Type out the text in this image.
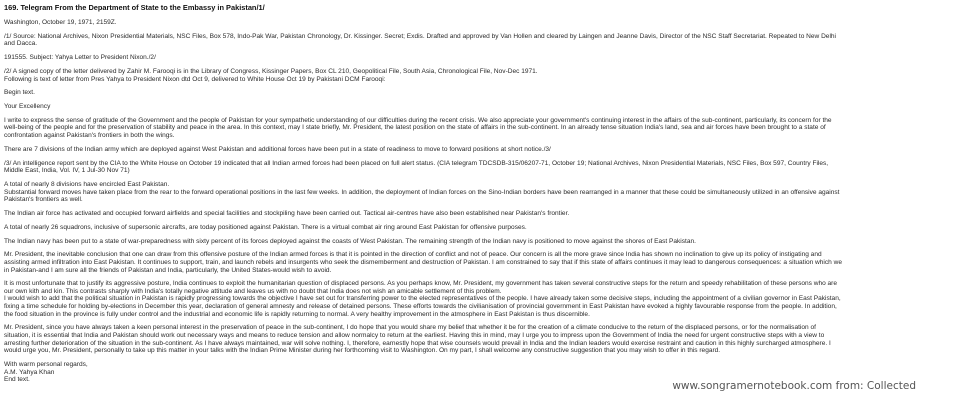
169. Telegram From the Department of State to the Embassy in Pakistan/1/
Washington, October 19, 1971, 2159Z.
/1/ Source: National Archives, Nixon Presidential Materials, NSC Files, Box 578, Indo-Pak War, Pakistan Chronology, Dr. Kissinger. Secret; Exdis. Drafted and approved by Van Hollen and cleared by Laingen and Jeanne Davis, Director of the NSC Staff Secretariat. Repeated to New Delhi
and Dacca.
191555. Subject: Yahya Letter to President Nixon./2/
/2/ A signed copy of the letter delivered by Zahir M. Farooqi is in the Library of Congress, Kissinger Papers, Box CL 210, Geopolitical File, South Asia, Chronological File, Nov-Dec 1971.
Following is text of letter from Pres Yahya to President Nixon dtd Oct 9, delivered to White House Oct 19 by Pakistani DCM Farooqi:
Begin text.
Your Excellency
I write to express the sense of gratitude of the Government and the people of Pakistan for your sympathetic understanding of our difficulties during the recent crisis. We also appreciate your government's continuing interest in the affairs of the sub-continent, particularly, its concern for the
well-being of the people and for the preservation of stability and peace in the area. In this context, may I state briefly, Mr. President, the latest position on the state of affairs in the sub-continent. In an already tense situation India's land, sea and air forces have been brought to a state of
confrontation against Pakistan's frontiers in both the wings.
There are 7 divisions of the Indian army which are deployed against West Pakistan and additional forces have been put in a state of readiness to move to forward positions at short notice./3/
/3/ An intelligence report sent by the CIA to the White House on October 19 indicated that all Indian armed forces had been placed on full alert status. (CIA telegram TDCSDB-315/06207-71, October 19; National Archives, Nixon Presidential Materials, NSC Files, Box 597, Country Files,
Middle East, India, Vol. IV, 1 Jul-30 Nov 71)
A total of nearly 8 divisions have encircled East Pakistan.
Substantial forward moves have taken place from the rear to the forward operational positions in the last few weeks. In addition, the deployment of Indian forces on the Sino-Indian borders have been rearranged in a manner that these could be simultaneously utilized in an offensive against
Pakistan's frontiers as well.
The Indian air force has activated and occupied forward airfields and special facilities and stockpiling have been carried out. Tactical air-centres have also been established near Pakistan's frontier.
A total of nearly 26 squadrons, inclusive of supersonic aircrafts, are today positioned against Pakistan. There is a virtual combat air ring around East Pakistan for offensive purposes.
The Indian navy has been put to a state of war-preparedness with sixty percent of its forces deployed against the coasts of West Pakistan. The remaining strength of the Indian navy is positioned to move against the shores of East Pakistan.
Mr. President, the inevitable conclusion that one can draw from this offensive posture of the Indian armed forces is that it is pointed in the direction of conflict and not of peace. Our concern is all the more grave since India has shown no inclination to give up its policy of instigating and
assisting armed infiltration into East Pakistan. It continues to support, train, and launch rebels and insurgents who seek the dismemberment and destruction of Pakistan. I am constrained to say that if this state of affairs continues it may lead to dangerous consequences: a situation which we
in Pakistan-and I am sure all the friends of Pakistan and India, particularly, the United States-would wish to avoid.
It is most unfortunate that to justify its aggressive posture, India continues to exploit the humanitarian question of displaced persons. As you perhaps know, Mr. President, my government has taken several constructive steps for the return and speedy rehabilitation of these persons who are
our own kith and kin. This contrasts sharply with India's totally negative attitude and leaves us with no doubt that India does not wish an amicable settlement of this problem.
I would wish to add that the political situation in Pakistan is rapidly progressing towards the objective I have set out for transferring power to the elected representatives of the people. I have already taken some decisive steps, including the appointment of a civilian governor in East Pakistan,
fixing a time schedule for holding by-elections in December this year, declaration of general amnesty and release of detained persons. These efforts towards the civilianisation of provincial government in East Pakistan have evoked a highly favourable response from the people. In addition,
the food situation in the province is fully under control and the industrial and economic life is rapidly returning to normal. A very healthy improvement in the atmosphere in East Pakistan is thus discernible.
Mr. President, since you have always taken a keen personal interest in the preservation of peace in the sub-continent, I do hope that you would share my belief that whether it be for the creation of a climate conducive to the return of the displaced persons, or for the normalisation of
situation, it is essential that India and Pakistan should work out necessary ways and means to reduce tension and allow normalcy to return at the earliest. Having this in mind, may I urge you to impress upon the Government of India the need for urgent constructive steps with a view to
arresting further deterioration of the situation in the sub-continent. As I have always maintained, war will solve nothing. I, therefore, earnestly hope that wise counsels would prevail in India and the Indian leaders would exercise restraint and caution in this highly surcharged atmosphere. I
would urge you, Mr. President, personally to take up this matter in your talks with the Indian Prime Minister during her forthcoming visit to Washington. On my part, I shall welcome any constructive suggestion that you may wish to offer in this regard.
With warm personal regards,
A.M. Yahya Khan
End text.
www.songramernotebook.com from: Collected
